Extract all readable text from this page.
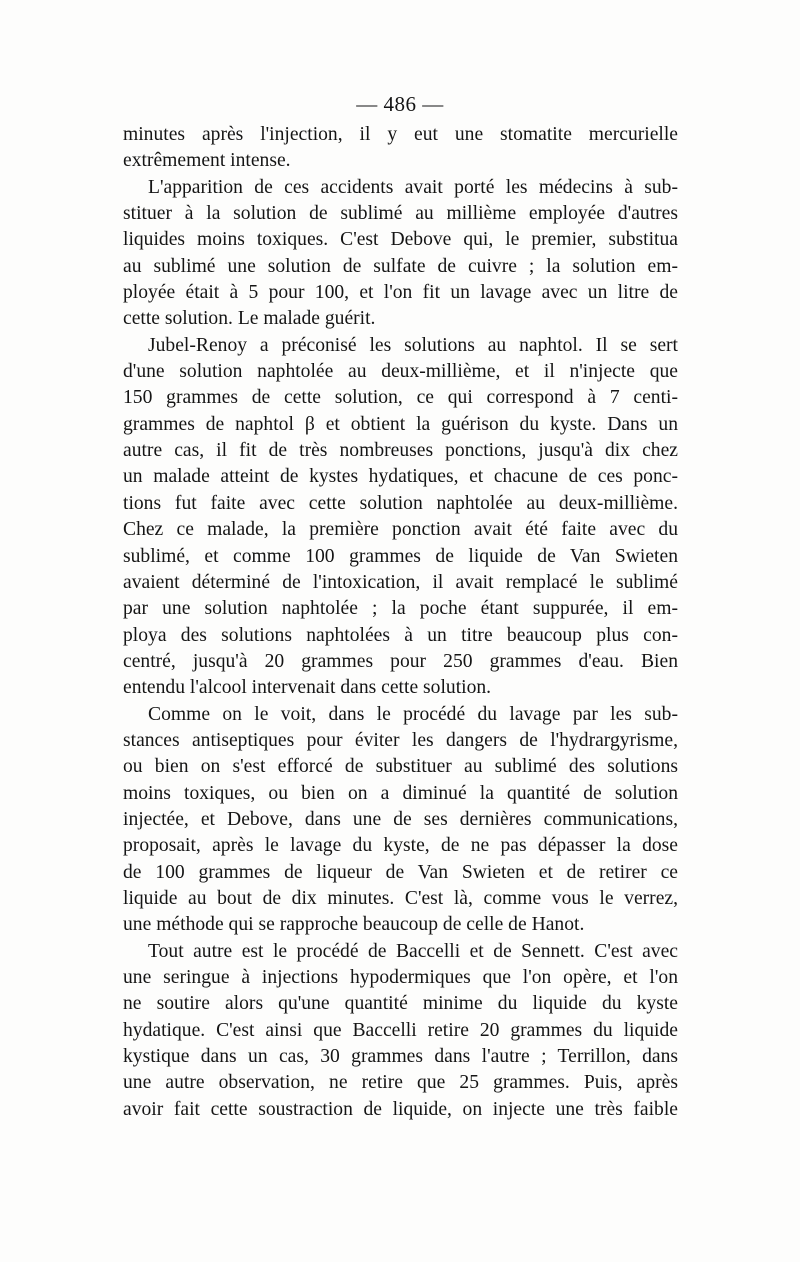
— 486 —
minutes après l'injection, il y eut une stomatite mercurielle
extrêmement intense.
L'apparition de ces accidents avait porté les médecins à sub-
stituer à la solution de sublimé au millième employée d'autres
liquides moins toxiques. C'est Debove qui, le premier, substitua
au sublimé une solution de sulfate de cuivre ; la solution em-
ployée était à 5 pour 100, et l'on fit un lavage avec un litre de
cette solution. Le malade guérit.
Jubel-Renoy a préconisé les solutions au naphtol. Il se sert
d'une solution naphtolée au deux-millième, et il n'injecte que
150 grammes de cette solution, ce qui correspond à 7 centi-
grammes de naphtol β et obtient la guérison du kyste. Dans un
autre cas, il fit de très nombreuses ponctions, jusqu'à dix chez
un malade atteint de kystes hydatiques, et chacune de ces ponc-
tions fut faite avec cette solution naphtolée au deux-millième.
Chez ce malade, la première ponction avait été faite avec du
sublimé, et comme 100 grammes de liquide de Van Swieten
avaient déterminé de l'intoxication, il avait remplacé le sublimé
par une solution naphtolée ; la poche étant suppurée, il em-
ploya des solutions naphtolées à un titre beaucoup plus con-
centré, jusqu'à 20 grammes pour 250 grammes d'eau. Bien
entendu l'alcool intervenait dans cette solution.
Comme on le voit, dans le procédé du lavage par les sub-
stances antiseptiques pour éviter les dangers de l'hydrargyrisme,
ou bien on s'est efforcé de substituer au sublimé des solutions
moins toxiques, ou bien on a diminué la quantité de solution
injectée, et Debove, dans une de ses dernières communications,
proposait, après le lavage du kyste, de ne pas dépasser la dose
de 100 grammes de liqueur de Van Swieten et de retirer ce
liquide au bout de dix minutes. C'est là, comme vous le verrez,
une méthode qui se rapproche beaucoup de celle de Hanot.
Tout autre est le procédé de Baccelli et de Sennett. C'est avec
une seringue à injections hypodermiques que l'on opère, et l'on
ne soutire alors qu'une quantité minime du liquide du kyste
hydatique. C'est ainsi que Baccelli retire 20 grammes du liquide
kystique dans un cas, 30 grammes dans l'autre ; Terrillon, dans
une autre observation, ne retire que 25 grammes. Puis, après
avoir fait cette soustraction de liquide, on injecte une très faible
